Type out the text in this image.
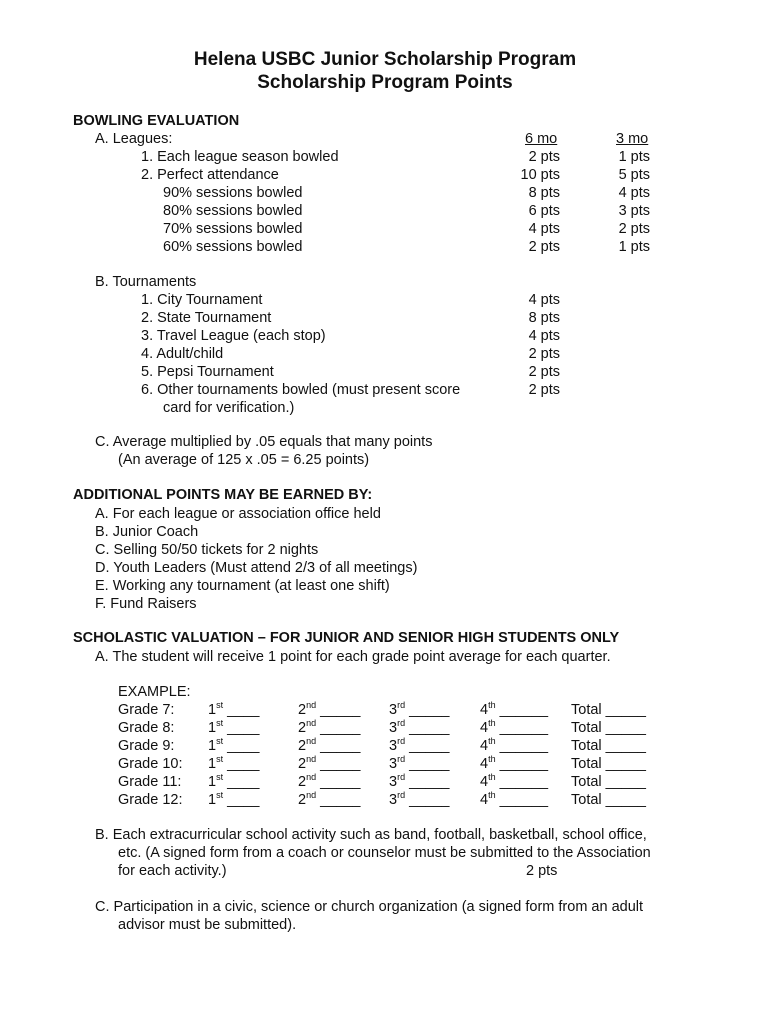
Helena USBC Junior Scholarship Program
Scholarship Program Points
BOWLING EVALUATION
A. Leagues:	6 mo	3 mo
1. Each league season bowled	2 pts	1 pts
2. Perfect attendance	10 pts	5 pts
90% sessions bowled	8 pts	4 pts
80% sessions bowled	6 pts	3 pts
70% sessions bowled	4 pts	2 pts
60% sessions bowled	2 pts	1 pts
B. Tournaments
1. City Tournament	4 pts
2. State Tournament	8 pts
3. Travel League (each stop)	4 pts
4. Adult/child	2 pts
5. Pepsi Tournament	2 pts
6. Other tournaments bowled (must present score	2 pts
card for verification.)
C. Average multiplied by .05 equals that many points
(An average of 125 x .05 = 6.25 points)
ADDITIONAL POINTS MAY BE EARNED BY:
A. For each league or association office held
B. Junior Coach
C. Selling 50/50 tickets for 2 nights
D. Youth Leaders (Must attend 2/3 of all meetings)
E. Working any tournament (at least one shift)
F. Fund Raisers
SCHOLASTIC VALUATION – FOR JUNIOR AND SENIOR HIGH STUDENTS ONLY
A. The student will receive 1 point for each grade point average for each quarter.
EXAMPLE:
Grade 7: 1st ____	2nd _____ 3rd _____ 4th ______ Total _____
Grade 8: 1st ____	2nd _____ 3rd _____ 4th ______ Total _____
Grade 9: 1st ____	2nd _____ 3rd _____ 4th ______ Total _____
Grade 10: 1st ____	2nd _____ 3rd _____ 4th ______ Total _____
Grade 11: 1st ____	2nd _____ 3rd _____ 4th ______ Total _____
Grade 12: 1st ____	2nd _____ 3rd _____ 4th ______ Total _____
B. Each extracurricular school activity such as band, football, basketball, school office,
etc. (A signed form from a coach or counselor must be submitted to the Association
for each activity.)	2 pts
C. Participation in a civic, science or church organization (a signed form from an adult
advisor must be submitted).
